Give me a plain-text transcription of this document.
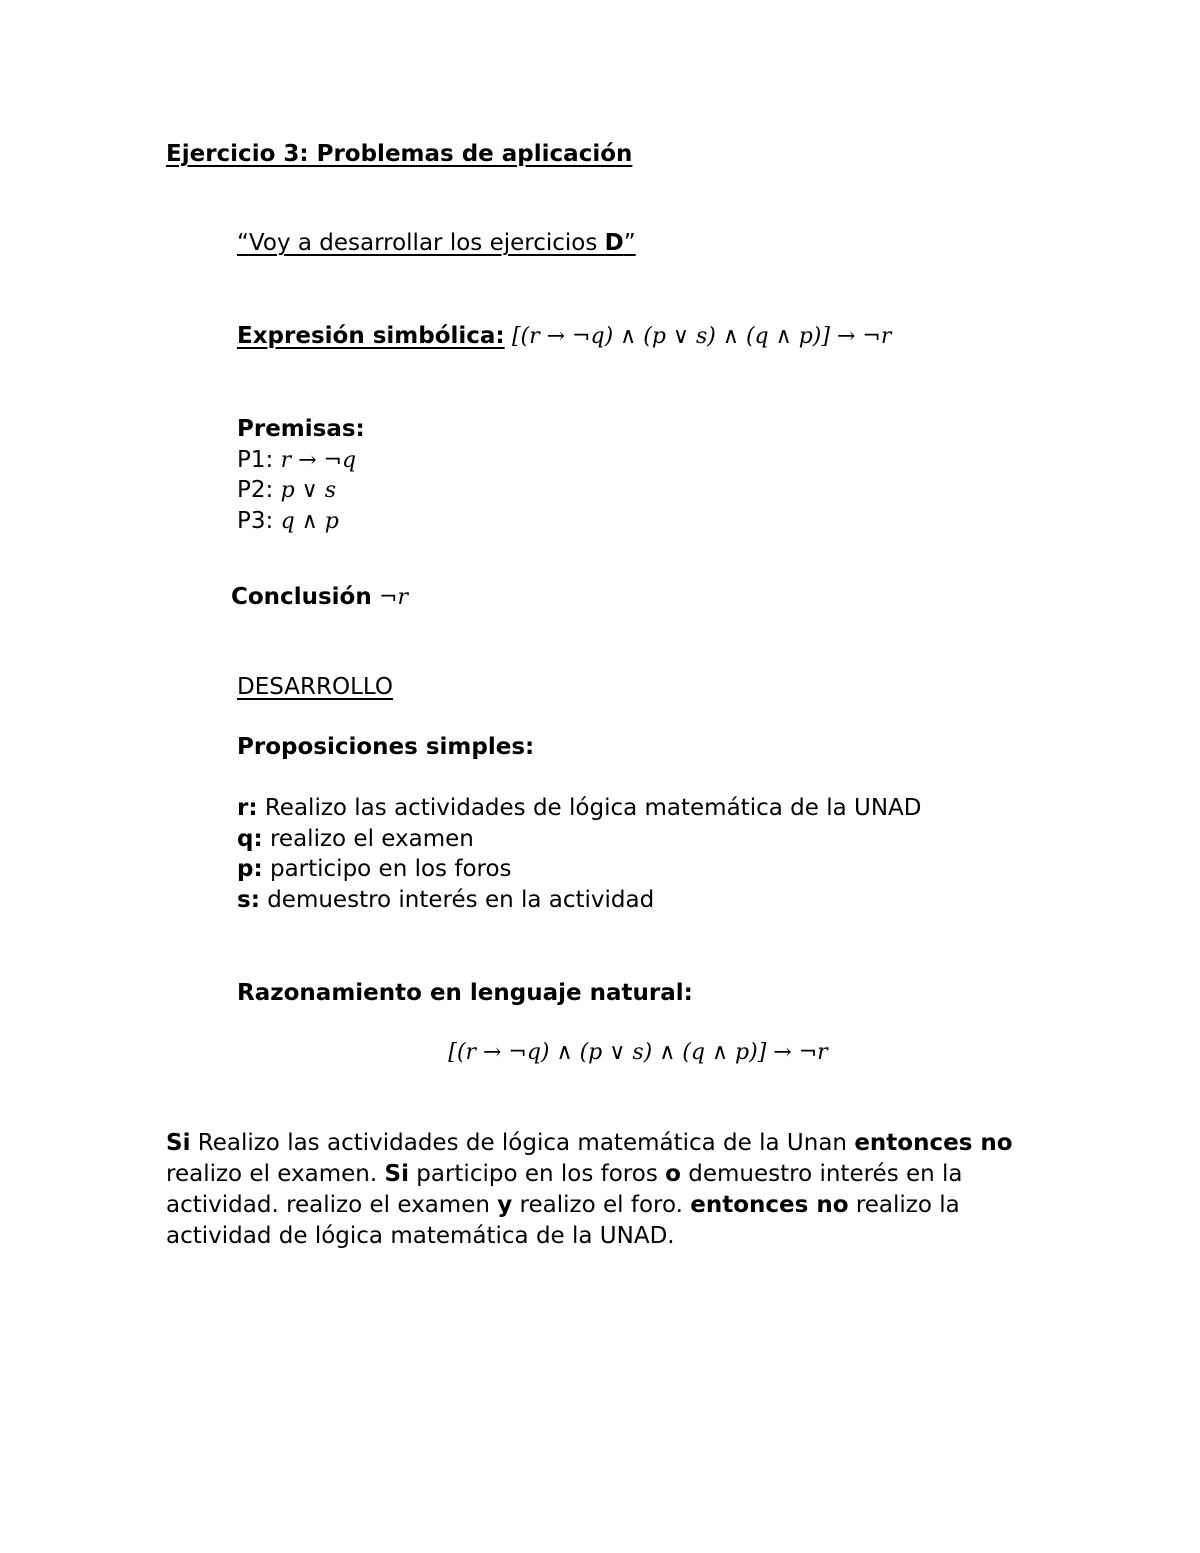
Ejercicio 3: Problemas de aplicación
“Voy a desarrollar los ejercicios D”
Expresión simbólica: [(r → ¬q) ∧ (p ∨ s) ∧ (q ∧ p)] → ¬r
Premisas:
P1: r → ¬q
P2: p ∨ s
P3: q ∧ p
Conclusión ¬r
DESARROLLO
Proposiciones simples:
r: Realizo las actividades de lógica matemática de la UNAD
q: realizo el examen
p: participo en los foros
s: demuestro interés en la actividad
Razonamiento en lenguaje natural:
[(r → ¬q) ∧ (p ∨ s) ∧ (q ∧ p)] → ¬r
Si Realizo las actividades de lógica matemática de la Unan entonces no realizo el examen. Si participo en los foros o demuestro interés en la actividad. realizo el examen y realizo el foro. entonces no realizo la actividad de lógica matemática de la UNAD.
